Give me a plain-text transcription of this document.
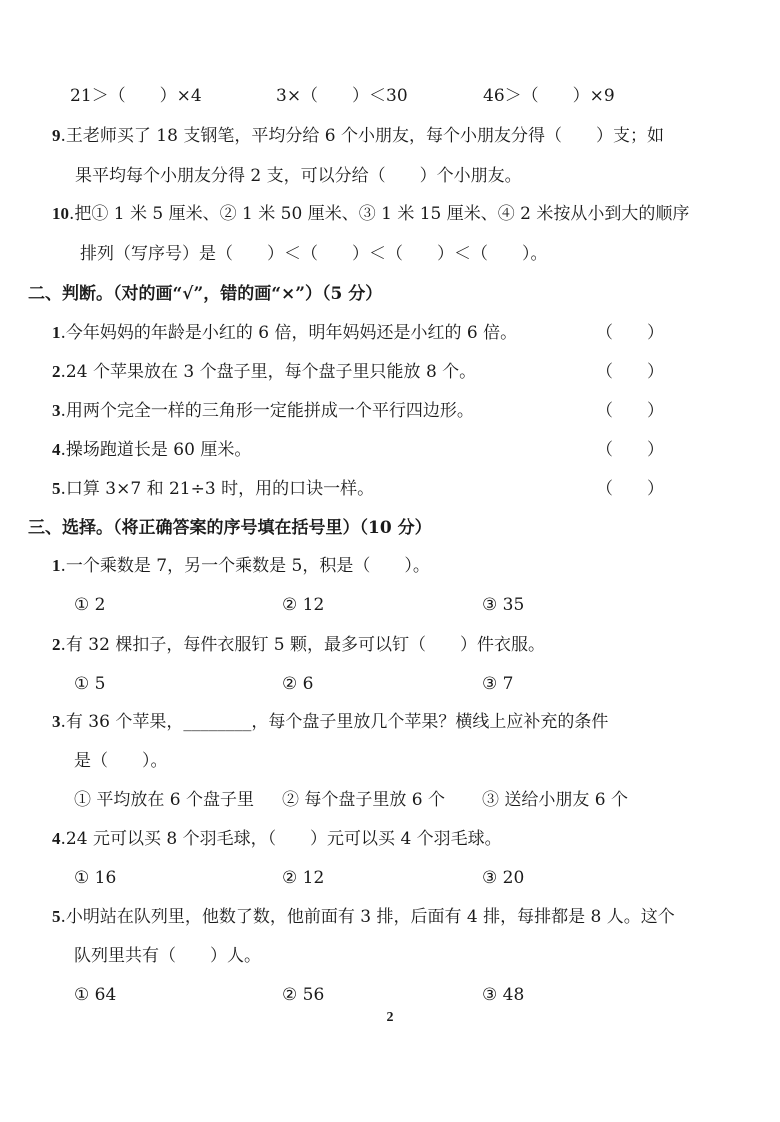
21＞（　　）×4	3×（　　）＜30	46＞（　　）×9
9.王老师买了 18 支钢笔，平均分给 6 个小朋友，每个小朋友分得（　　）支；如
果平均每个小朋友分得 2 支，可以分给（　　）个小朋友。
10.把① 1 米 5 厘米、② 1 米 50 厘米、③ 1 米 15 厘米、④ 2 米按从小到大的顺序
排列（写序号）是（　　）＜（　　）＜（　　）＜（　　）。
二、判断。（对的画“√”，错的画“×”）（5 分）
1.今年妈妈的年龄是小红的 6 倍，明年妈妈还是小红的 6 倍。	（　　）
2.24 个苹果放在 3 个盘子里，每个盘子里只能放 8 个。	（　　）
3.用两个完全一样的三角形一定能拼成一个平行四边形。	（　　）
4.操场跑道长是 60 厘米。	（　　）
5.口算 3×7 和 21÷3 时，用的口诀一样。	（　　）
三、选择。（将正确答案的序号填在括号里）（10 分）
1.一个乘数是 7，另一个乘数是 5，积是（　　）。
① 2	② 12	③ 35
2.有 32 棵扣子，每件衣服钉 5 颗，最多可以钉（　　）件衣服。
① 5	② 6	③ 7
3.有 36 个苹果，________，每个盘子里放几个苹果？横线上应补充的条件
是（　　）。
① 平均放在 6 个盘子里 ② 每个盘子里放 6 个 ③ 送给小朋友 6 个
4.24 元可以买 8 个羽毛球，（　　）元可以买 4 个羽毛球。
① 16	② 12	③ 20
5.小明站在队列里，他数了数，他前面有 3 排，后面有 4 排，每排都是 8 人。这个
队列里共有（　　）人。
① 64	② 56	③ 48
2
